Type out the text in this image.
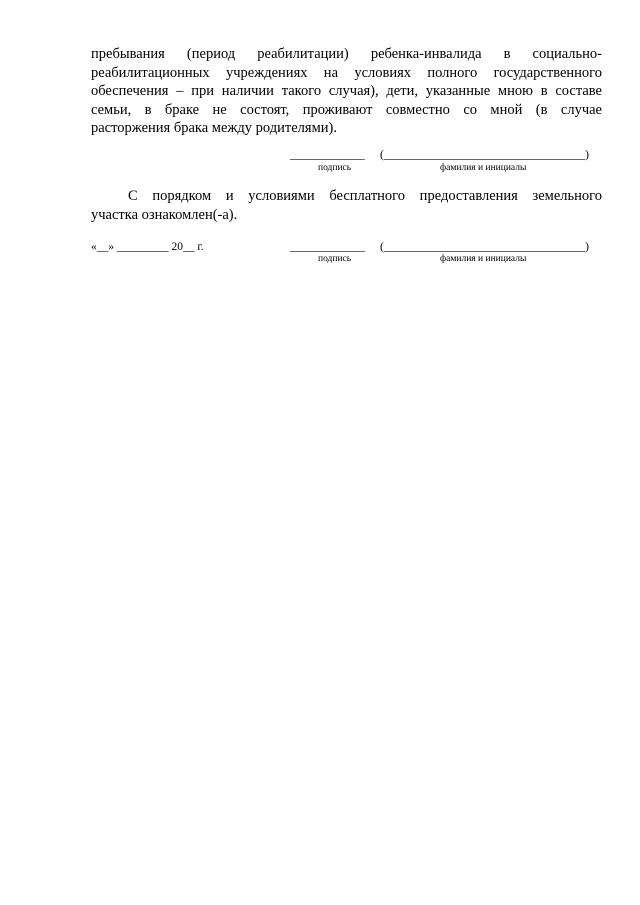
пребывания (период реабилитации) ребенка-инвалида в социально-
реабилитационных учреждениях на условиях полного государственного
обеспечения – при наличии такого случая), дети, указанные мною в составе
семьи, в браке не состоят, проживают совместно со мной (в случае
расторжения брака между родителями).
_____________ (___________________________________)
подпись	фамилия и инициалы
С порядком и условиями бесплатного предоставления земельного
участка ознакомлен(-а).
«__» _________ 20__ г.	_____________ (___________________________________)
подпись	фамилия и инициалы
